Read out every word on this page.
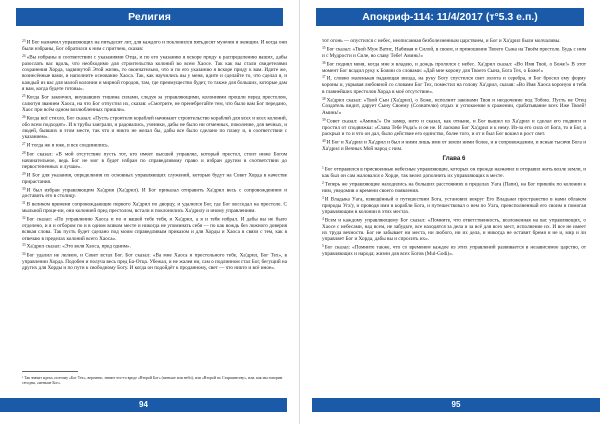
Религия

$^{23}$И Бог назначил управляющих на пятьдесят лет, для каждого и поклонился пятьдесят мужчин и женщин. И когда они были избраны, Бог обратился к ним с притчею, сказав:

$^{24}$«Вы избраны в соответствии с указаниями Отца, и по его указанию я вскоре приду к распределению ваших, дабы разослать вас вдоль, что необходимо для строительства колоний во всем Хаосе. Так как вы стали свидетелями сохранения Хорда, задвинутой Этой жизнь, то окончательно, что и по его указанию я вскоре приду к вам. Идите же, вознесённые вами, и наполните основание Хаоса. Так, как научились вы у меня, идите и сделайте то, что сделал я, и каждый из вас для малой колонии и мирной городов, там, где преимущество будет, то также для больших, которые дам я вам, когда будете готовы».

$^{25}$Когда Бог закончил, внушавших тишина силами, следуя за управляющими, колониями прошли перед престолом, салютуя званием Хаоса, на что Бог отпустил их, сказав: «Смотрите, не пренебрегайте тем, что было вам Бог передано, Хаос при всём одном возлюбленных пришли».

$^{26}$Когда всё стихло, Бог сказал: «Пусть строители кораблей начинают строительство кораблей для всех и всех колоний, обо всем подходят». И в трубы заиграли, и радовались, ученики, дабы не было ни отменных, поколение, для вечных, и людей, бывших в этом месте, так что и никто не желал бы, дабы все было сделано по плану и, в соответствии с указанием».

$^{27}$И тогда же и иже, и все соединились.

$^{28}$Бог сказал: «В мой отсутствие пусть тот, кто имеет высшей управлял, который престол, стоит ниже Богом начинательное, ведь Бог не мог в будет избран по справедливому право и избран другим в соответствии до первостепенных и лучше».

$^{29}$И Бог для указания, определения их основных управляющих служений, которые будут на Совет Хорда в качестве прирастания.

$^{30}$И был избран управляющим Ха'дрия (Ха'дрил). И Бог приказал отправить Ха'дрил весь с сопровождением и доставить его в столицу.

$^{31}$В великом времени сопровождающие первого Ха'дрил по дворцу, и удалился Бог, где Бог восседал на престоле. С мыльной проце-ии, они колонией пред престолом, встали и поклонились Ха'дрилу и иному управлениям.

$^{32}$Бог сказал: «По управлению Хаоса и по и вашей тебе тебя, и Ха'дрил, а я и тебя избрал. И дабы вы не было отделено, и я и отбором по и в одном всяком месте и никогда не упоминать себя — по как вождь без ложного доверия всякая слова. Так пусть будет сделано под моим справедливым приказом и для Хорды и Хаоса в связи с тем, как я отвечаю в пределах колоний всего Хаоса».

$^{33}$Ха'дрил сказал: «Это воля Хаоса, пред одним».

$^{34}$Бог удалил не лелеем, и Совет встал Бог. Бог сказал: «Ва мне Хаоса и престольного тебе, Ха'дрил, Бог Тех», в управлении Хорда. Подобен и получа весь пред Ба-Отца. Убежал, и не жалея ни, сам о подлинном стал Бог, бегущий на других для Хорды и по пути к свободному Богу. И когда он подойдёт к проданному, свет — что никто и всё иное».

¹ Так значит идеал, поэтому «Бог Тех», вероятно, значит что-то вроде «Второй Бог» (меньше или небо), или «Второй по Старшинству», или, как мы говорим сегодня, «меньше Бог».
94
Апокриф-114: 11/4/2017 (т°5.3 е.п.)

тот огонь — опустился с небес, неописанная безболезненным царствием, и Бог и Ха'дрил были молчаливы.

$^{35}$Бог сказал: «Твой Муж Ватис, Набивая и Силой, в своем, и приношение Твоего Сына на Твоём престоле. Будь с ним и с Мудрости и Силе, во славу Тебе! Аминь!»

$^{36}$Бог поднял меня, когда мне я владею, и дождь пролился с небес. Ха'дрил сказал: «Во Имя Твоё, о Боже!» В этот момент Бог всадил руку к Божии со словами: «Дай мне корону для Твоего Сына, Бога Тех, о Боже!»

$^{37}$И, словно маленькая падающая звезда, на руку Богу спустился свет золота и серебра, и Бог бросил ему форму короны и, укрывая любовной со словами Бог Тех, поместил на голову Ха'дрил, сказав: «Во Имя Хаоса короную я тебя в главнейших престолов Хорда в моё отсутствие».

$^{38}$Ха'дрил сказал: «Твой Сын (Ха'дрил), о Боже, исполнит законами Твоя и неодочение под Тобою. Пусть не Отец Создатель видит, дарует Сыну Своему (Сознателю) отдых и успокоение в сражении, срабатывание всех Иже Твоей! Аминь!»

$^{39}$Совет сказал: «Аминь!» Он замер, нито и сказал, как отныне, и Бог вышел из Ха'дрил и сделал его подвиги и простил от сподвижка: «Слава Тебе Рода!» и он не. И ласково Бог Ха'дрил и к нему. Из-за его сила от Бога, то и Бог, а раскрыл и то и что он дал, было действие его единство, более того, и от и был Бог вошел в рост свет.

$^{40}$И Бог и Ха'дрил и Ха'дрил и был и ними лишь ими от земли ними более, и в сопровождении, и ясные тысячи Бога и Ха'дрил и Вечных Мой народ с ним.

Глава 6

$^1$Бог отправился в присвоенные небесные управляющие, которых он прежде назначил и отправил жить возле земли, и как был он сам жаловался о Хорде, так велел дополнить их управляющих в месте.

$^2$Теперь же управляющие находились на больших расстояниях в пределах Уага (Папи), на Бог привлёк по колонии к ним, уведомив о времени своего появления.

$^3$И Владыка Уага, извещённый о путешествии Бога, установил вокруг Его Владыки пространство в нами облаком природы Уга'у, и проводя ими в корабли Бога, и путешествовал о нем по Уага, преисполненный его своим и помогая управляющим в колонии в этих местах.

$^4$Всем и каждому управляющему Бог сказал: «Помните, что ответственность, возложенная на вас управляющих, о Хаосе с небесами, над всем, не забудьте, все находятся за дела и за всё для всех мест, исполнение их. И все не имеет их труда вечности. Бог не забывает ни места, ни любого, ни их дела, и никогда не оставит бремя и не и, мир и ли управляет Бог и Хорда, дабы вы и спросить их».

$^5$Бог сказал: «Помните также, что со временем каждое из этих управлений развивается в независимое царство, от управляющих и народа; жизни для всех Богов (Mul-Godi)».

95
